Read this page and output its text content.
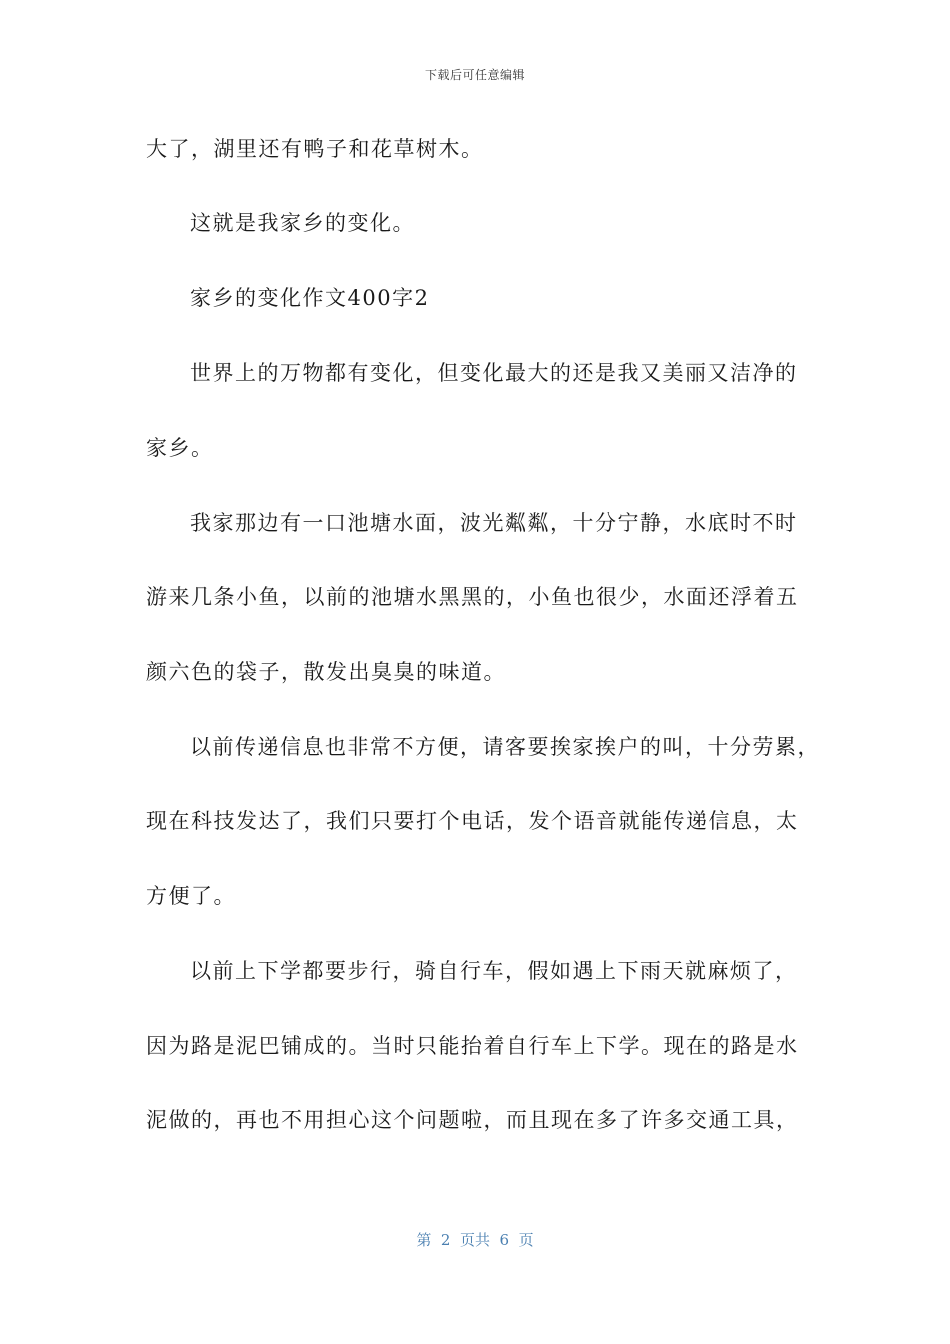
下载后可任意编辑

大了，湖里还有鸭子和花草树木。

这就是我家乡的变化。

家乡的变化作文400字2

世界上的万物都有变化，但变化最大的还是我又美丽又洁净的

家乡。

我家那边有一口池塘水面，波光粼粼，十分宁静，水底时不时

游来几条小鱼，以前的池塘水黑黑的，小鱼也很少，水面还浮着五

颜六色的袋子，散发出臭臭的味道。

以前传递信息也非常不方便，请客要挨家挨户的叫，十分劳累，

现在科技发达了，我们只要打个电话，发个语音就能传递信息，太

方便了。

以前上下学都要步行，骑自行车，假如遇上下雨天就麻烦了，

因为路是泥巴铺成的。当时只能抬着自行车上下学。现在的路是水

泥做的，再也不用担心这个问题啦，而且现在多了许多交通工具，

第  2  页共  6  页
